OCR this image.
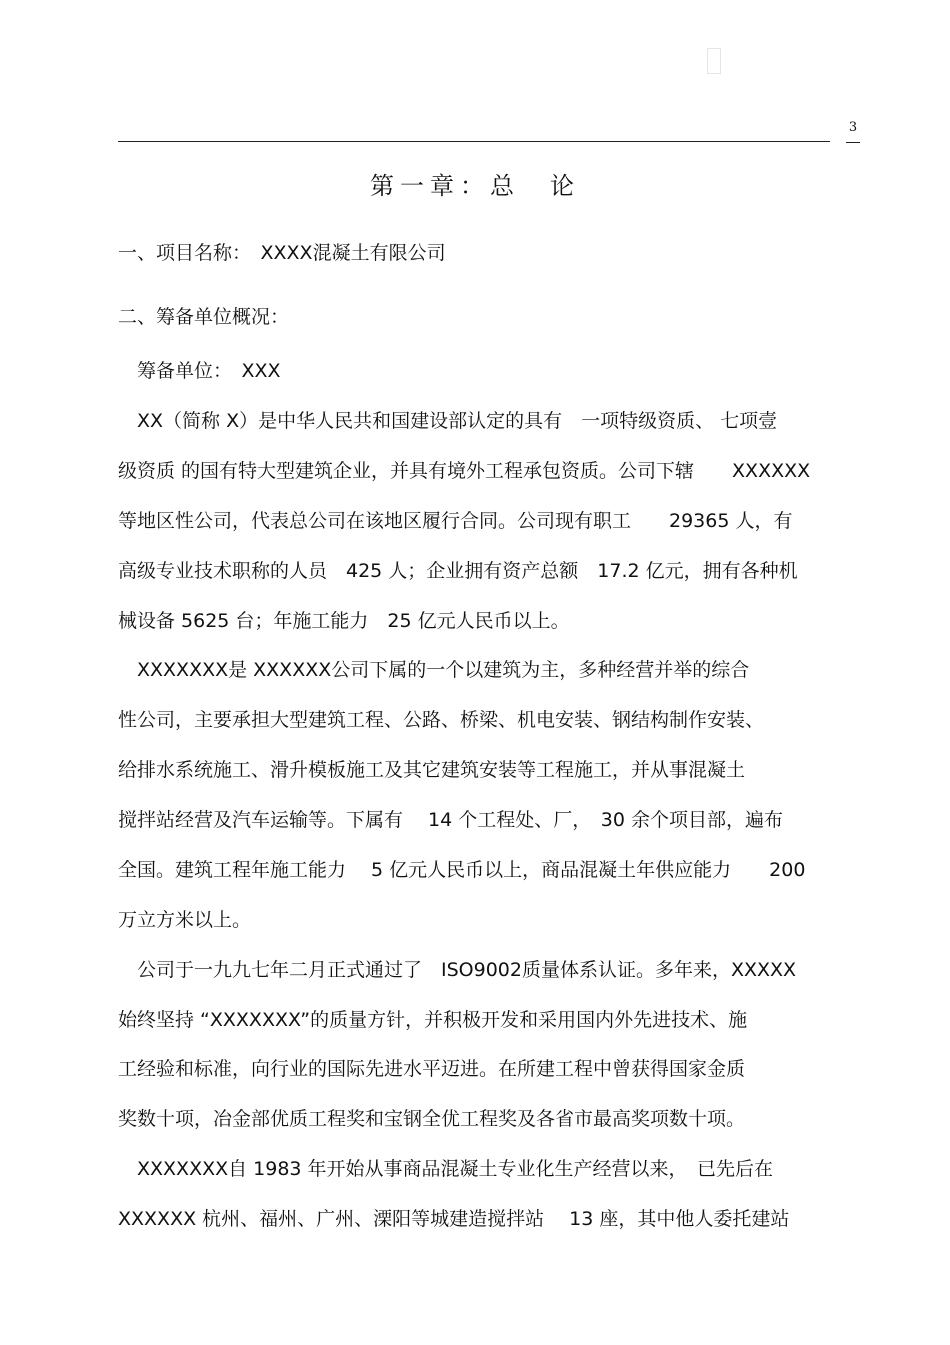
3
第一章：总　论
一、项目名称：　XXXX混凝土有限公司
二、筹备单位概况：
　筹备单位：　XXX
　XX（简称 X）是中华人民共和国建设部认定的具有　一项特级资质、 七项壹
级资质 的国有特大型建筑企业，并具有境外工程承包资质。公司下辖　　XXXXXX
等地区性公司，代表总公司在该地区履行合同。公司现有职工　　29365 人，有
高级专业技术职称的人员　425 人；企业拥有资产总额　17.2 亿元，拥有各种机
械设备 5625 台；年施工能力　25 亿元人民币以上。
　XXXXXXX是 XXXXXX公司下属的一个以建筑为主，多种经营并举的综合
性公司，主要承担大型建筑工程、公路、桥梁、机电安装、钢结构制作安装、
给排水系统施工、滑升模板施工及其它建筑安装等工程施工，并从事混凝土
搅拌站经营及汽车运输等。下属有　 14 个工程处、厂，　30 余个项目部，遍布
全国。建筑工程年施工能力　 5 亿元人民币以上，商品混凝土年供应能力　　200
万立方米以上。
　公司于一九九七年二月正式通过了　ISO9002质量体系认证。多年来，XXXXX
始终坚持 “XXXXXXX”的质量方针，并积极开发和采用国内外先进技术、施
工经验和标准，向行业的国际先进水平迈进。在所建工程中曾获得国家金质
奖数十项，冶金部优质工程奖和宝钢全优工程奖及各省市最高奖项数十项。
　XXXXXXX自 1983 年开始从事商品混凝土专业化生产经营以来，　已先后在
XXXXXX 杭州、福州、广州、溧阳等城建造搅拌站　 13 座，其中他人委托建站
